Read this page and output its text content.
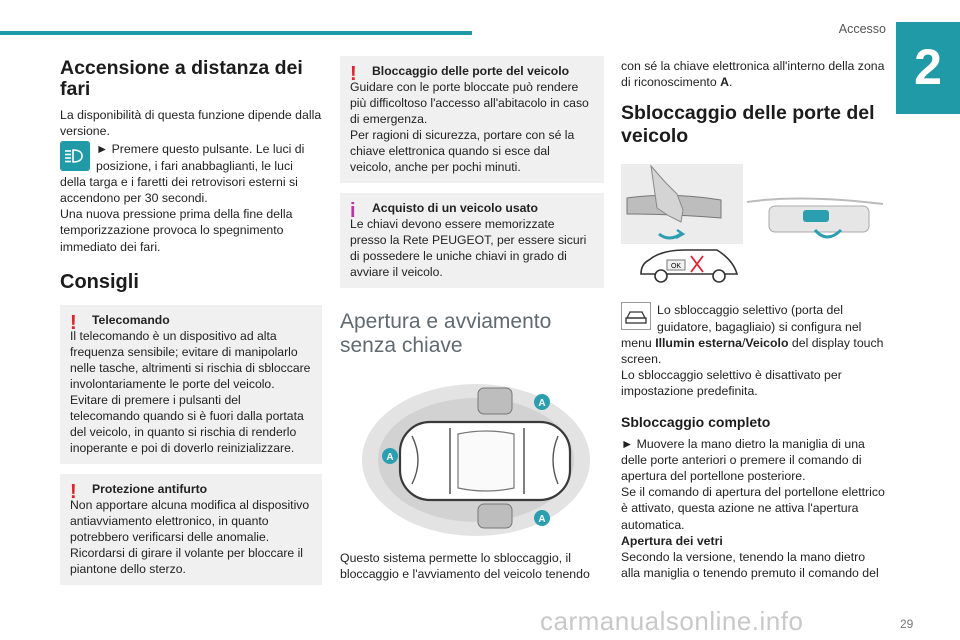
Accesso
2
Accensione a distanza dei fari

La disponibilità di questa funzione dipende dalla versione.

► Premere questo pulsante. Le luci di posizione, i fari anabbaglianti, le luci della targa e i faretti dei retrovisori esterni si accendono per 30 secondi.

Una nuova pressione prima della fine della temporizzazione provoca lo spegnimento immediato dei fari.

Consigli
! Telecomando

Il telecomando è un dispositivo ad alta frequenza sensibile; evitare di manipolarlo nelle tasche, altrimenti si rischia di sbloccare involontariamente le porte del veicolo.

Evitare di premere i pulsanti del telecomando quando si è fuori dalla portata del veicolo, in quanto si rischia di renderlo inoperante e poi di doverlo reinizializzare.

! Protezione antifurto

Non apportare alcuna modifica al dispositivo antiavviamento elettronico, in quanto potrebbero verificarsi delle anomalie.

Ricordarsi di girare il volante per bloccare il piantone dello sterzo.

! Bloccaggio delle porte del veicolo

Guidare con le porte bloccate può rendere più difficoltoso l'accesso all'abitacolo in caso di emergenza.

Per ragioni di sicurezza, portare con sé la chiave elettronica quando si esce dal veicolo, anche per pochi minuti.

i Acquisto di un veicolo usato

Le chiavi devono essere memorizzate presso la Rete PEUGEOT, per essere sicuri di possedere le uniche chiavi in grado di avviare il veicolo.

Apertura e avviamento senza chiave
A
A
A

Questo sistema permette lo sbloccaggio, il bloccaggio e l'avviamento del veicolo tenendo

con sé la chiave elettronica all'interno della zona di riconoscimento A.

Sbloccaggio delle porte del veicolo
OK

Lo sbloccaggio selettivo (porta del guidatore, bagagliaio) si configura nel menu Illumin esterna/Veicolo del display touch screen.

Lo sbloccaggio selettivo è disattivato per impostazione predefinita.

Sbloccaggio completo

► Muovere la mano dietro la maniglia di una delle porte anteriori o premere il comando di apertura del portellone posteriore.

Se il comando di apertura del portellone elettrico è attivato, questa azione ne attiva l'apertura automatica.

Apertura dei vetri

Secondo la versione, tenendo la mano dietro alla maniglia o tenendo premuto il comando del

29
carmanualsonline.info
